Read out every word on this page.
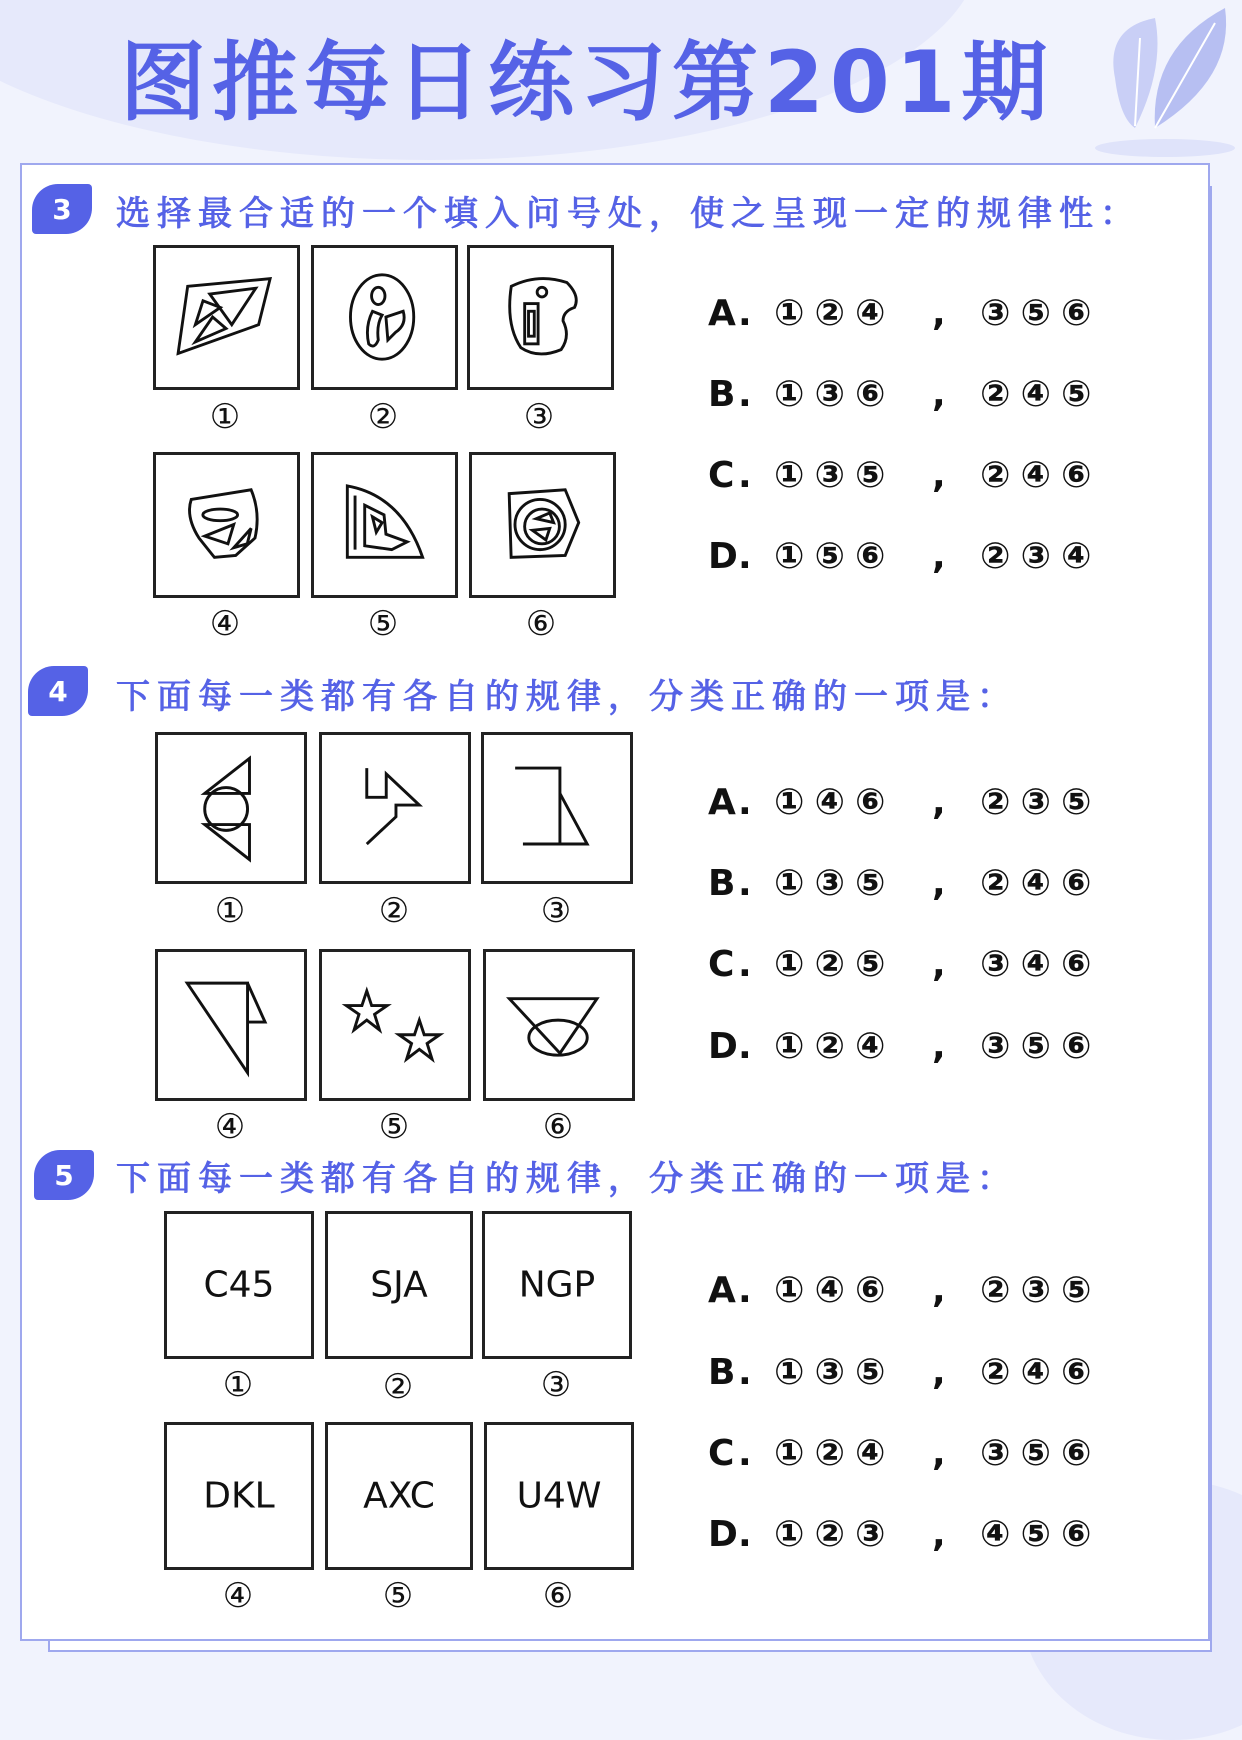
图推每日练习第201期
3	选择最合适的一个填入问号处，使之呈现一定的规律性：
①	②	③
④	⑤	⑥
A. ①②④ , ③⑤⑥
B. ①③⑥ , ②④⑤
C. ①③⑤ , ②④⑥
D. ①⑤⑥ , ②③④
4	下面每一类都有各自的规律，分类正确的一项是：
①	②	③
④	⑤	⑥
A. ①④⑥ , ②③⑤
B. ①③⑤ , ②④⑥
C. ①②⑤ , ③④⑥
D. ①②④ , ③⑤⑥
5	下面每一类都有各自的规律，分类正确的一项是：
C45	SJA	NGP
①	②	③
DKL	AXC	U4W
④	⑤	⑥
A. ①④⑥ , ②③⑤
B. ①③⑤ , ②④⑥
C. ①②④ , ③⑤⑥
D. ①②③ , ④⑤⑥
